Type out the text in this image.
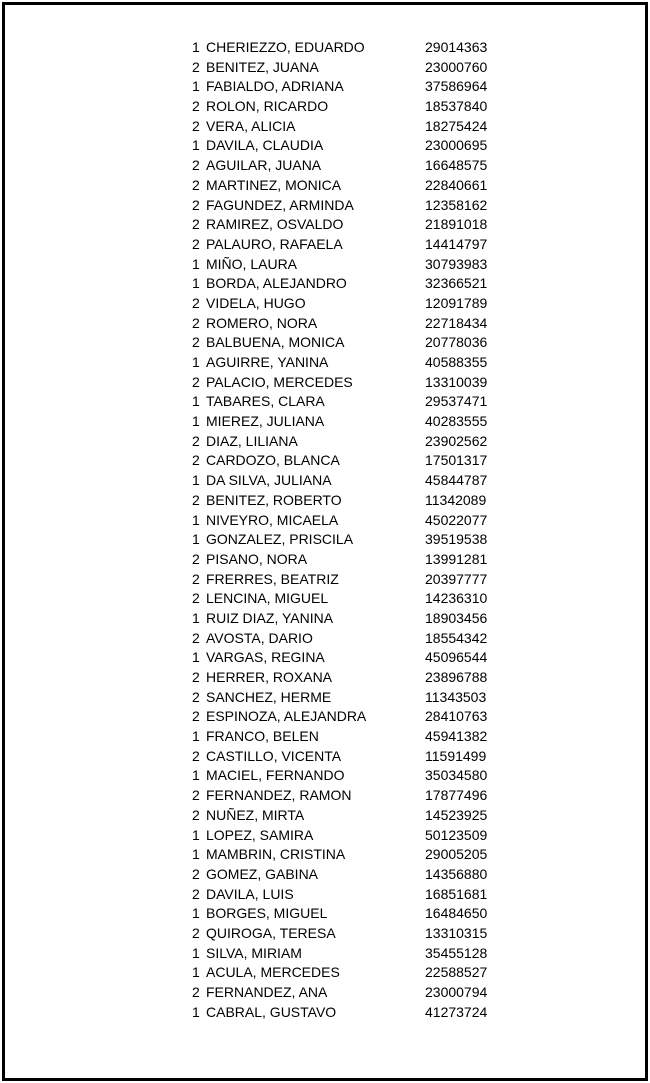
1 CHERIEZZO, EDUARDO	29014363
2 BENITEZ, JUANA	23000760
1 FABIALDO, ADRIANA	37586964
2 ROLON, RICARDO	18537840
2 VERA, ALICIA	18275424
1 DAVILA, CLAUDIA	23000695
2 AGUILAR, JUANA	16648575
2 MARTINEZ, MONICA	22840661
2 FAGUNDEZ, ARMINDA	12358162
2 RAMIREZ, OSVALDO	21891018
2 PALAURO, RAFAELA	14414797
1 MIÑO, LAURA	30793983
1 BORDA, ALEJANDRO	32366521
2 VIDELA, HUGO	12091789
2 ROMERO, NORA	22718434
2 BALBUENA, MONICA	20778036
1 AGUIRRE, YANINA	40588355
2 PALACIO, MERCEDES	13310039
1 TABARES, CLARA	29537471
1 MIEREZ, JULIANA	40283555
2 DIAZ, LILIANA	23902562
2 CARDOZO, BLANCA	17501317
1 DA SILVA, JULIANA	45844787
2 BENITEZ, ROBERTO	11342089
1 NIVEYRO, MICAELA	45022077
1 GONZALEZ, PRISCILA	39519538
2 PISANO, NORA	13991281
2 FRERRES, BEATRIZ	20397777
2 LENCINA, MIGUEL	14236310
1 RUIZ DIAZ, YANINA	18903456
2 AVOSTA, DARIO	18554342
1 VARGAS, REGINA	45096544
2 HERRER, ROXANA	23896788
2 SANCHEZ, HERME	11343503
2 ESPINOZA, ALEJANDRA	28410763
1 FRANCO, BELEN	45941382
2 CASTILLO, VICENTA	11591499
1 MACIEL, FERNANDO	35034580
2 FERNANDEZ, RAMON	17877496
2 NUÑEZ, MIRTA	14523925
1 LOPEZ, SAMIRA	50123509
1 MAMBRIN, CRISTINA	29005205
2 GOMEZ, GABINA	14356880
2 DAVILA, LUIS	16851681
1 BORGES, MIGUEL	16484650
2 QUIROGA, TERESA	13310315
1 SILVA, MIRIAM	35455128
1 ACULA, MERCEDES	22588527
2 FERNANDEZ, ANA	23000794
1 CABRAL, GUSTAVO	41273724
